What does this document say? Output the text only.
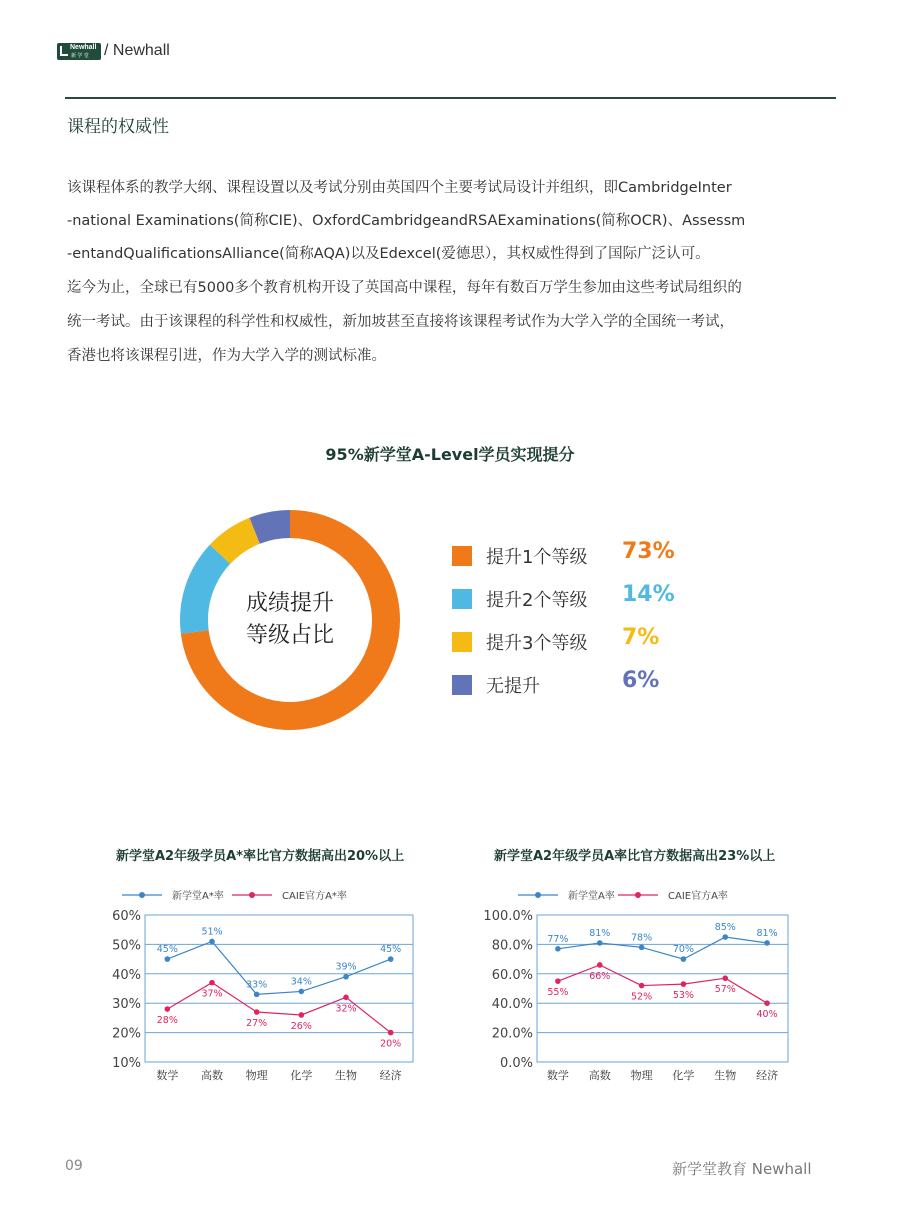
Newhall
新 学 堂 / Newhall
课程的权威性
该课程体系的教学大纲、课程设置以及考试分别由英国四个主要考试局设计并组织，即CambridgeInter
-national Examinations(简称CIE)、OxfordCambridgeandRSAExaminations(简称OCR)、Assessm
-entandQualificationsAlliance(简称AQA)以及Edexcel(爱德思），其权威性得到了国际广泛认可。
迄今为止，全球已有5000多个教育机构开设了英国高中课程，每年有数百万学生参加由这些考试局组织的
统一考试。由于该课程的科学性和权威性，新加坡甚至直接将该课程考试作为大学入学的全国统一考试，
香港也将该课程引进，作为大学入学的测试标准。
95%新学堂A-Level学员实现提分
成绩提升
等级占比
提升1个等级 73%
提升2个等级 14%
提升3个等级 7%
无提升	6%
新学堂A2年级学员A*率比官方数据高出20%以上
新学堂A*率	CAIE官方A*率
10%
20%
30%
40%
50%
60%
数学 高数 物理 化学 生物 经济
45%
51%
33% 34%
39%
45%
28%
37%
27% 26%
32%
20%
新学堂A2年级学员A率比官方数据高出23%以上
新学堂A率	CAIE官方A率
0.0%
20.0%
40.0%
60.0%
80.0%
100.0%
数学 高数 物理 化学 生物 经济
77%
81% 78%
70%
85%
81%
55%
66%
52% 53%
57%
40%
09	新学堂教育 Newhall
